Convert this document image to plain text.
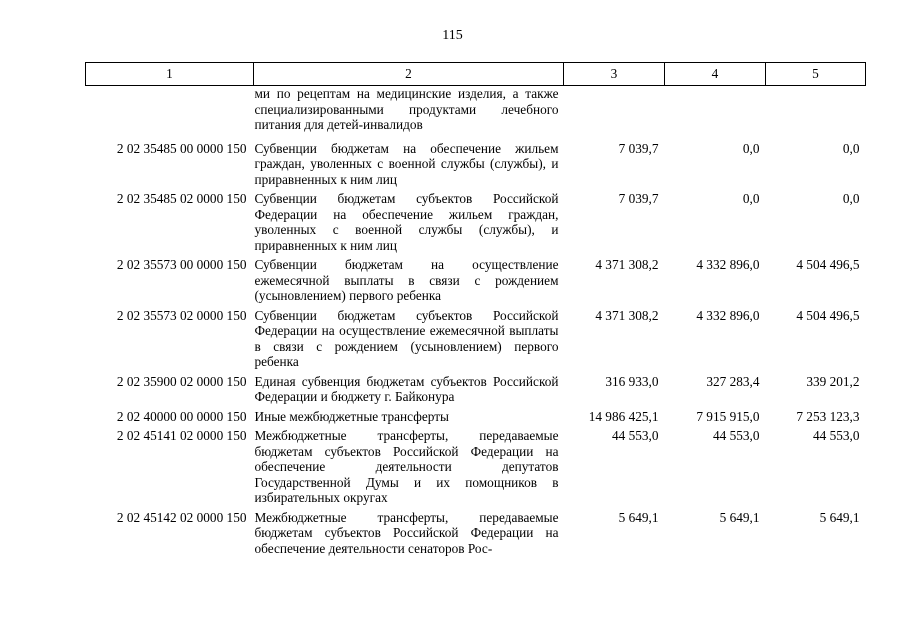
115
1	2	3	4	5
	ми по рецептам на медицинские изделия, а также специализированными продуктами лечебного питания для детей-инвалидов			
2 02 35485 00 0000 150	Субвенции бюджетам на обеспечение жильем граждан, уволенных с военной службы (службы), и приравненных к ним лиц	7 039,7	0,0	0,0
2 02 35485 02 0000 150	Субвенции бюджетам субъектов Российской Федерации на обеспечение жильем граждан, уволенных с военной службы (службы), и приравненных к ним лиц	7 039,7	0,0	0,0
2 02 35573 00 0000 150	Субвенции бюджетам на осуществление ежемесячной выплаты в связи с рождением (усыновлением) первого ребенка	4 371 308,2	4 332 896,0	4 504 496,5
2 02 35573 02 0000 150	Субвенции бюджетам субъектов Российской Федерации на осуществление ежемесячной выплаты в связи с рождением (усыновлением) первого ребенка	4 371 308,2	4 332 896,0	4 504 496,5
2 02 35900 02 0000 150	Единая субвенция бюджетам субъектов Российской Федерации и бюджету г. Байконура	316 933,0	327 283,4	339 201,2
2 02 40000 00 0000 150	Иные межбюджетные трансферты	14 986 425,1	7 915 915,0	7 253 123,3
2 02 45141 02 0000 150	Межбюджетные трансферты, передаваемые бюджетам субъектов Российской Федерации на обеспечение деятельности депутатов Государственной Думы и их помощников в избирательных округах	44 553,0	44 553,0	44 553,0
2 02 45142 02 0000 150	Межбюджетные трансферты, передаваемые бюджетам субъектов Российской Федерации на обеспечение деятельности сенаторов Рос-	5 649,1	5 649,1	5 649,1
